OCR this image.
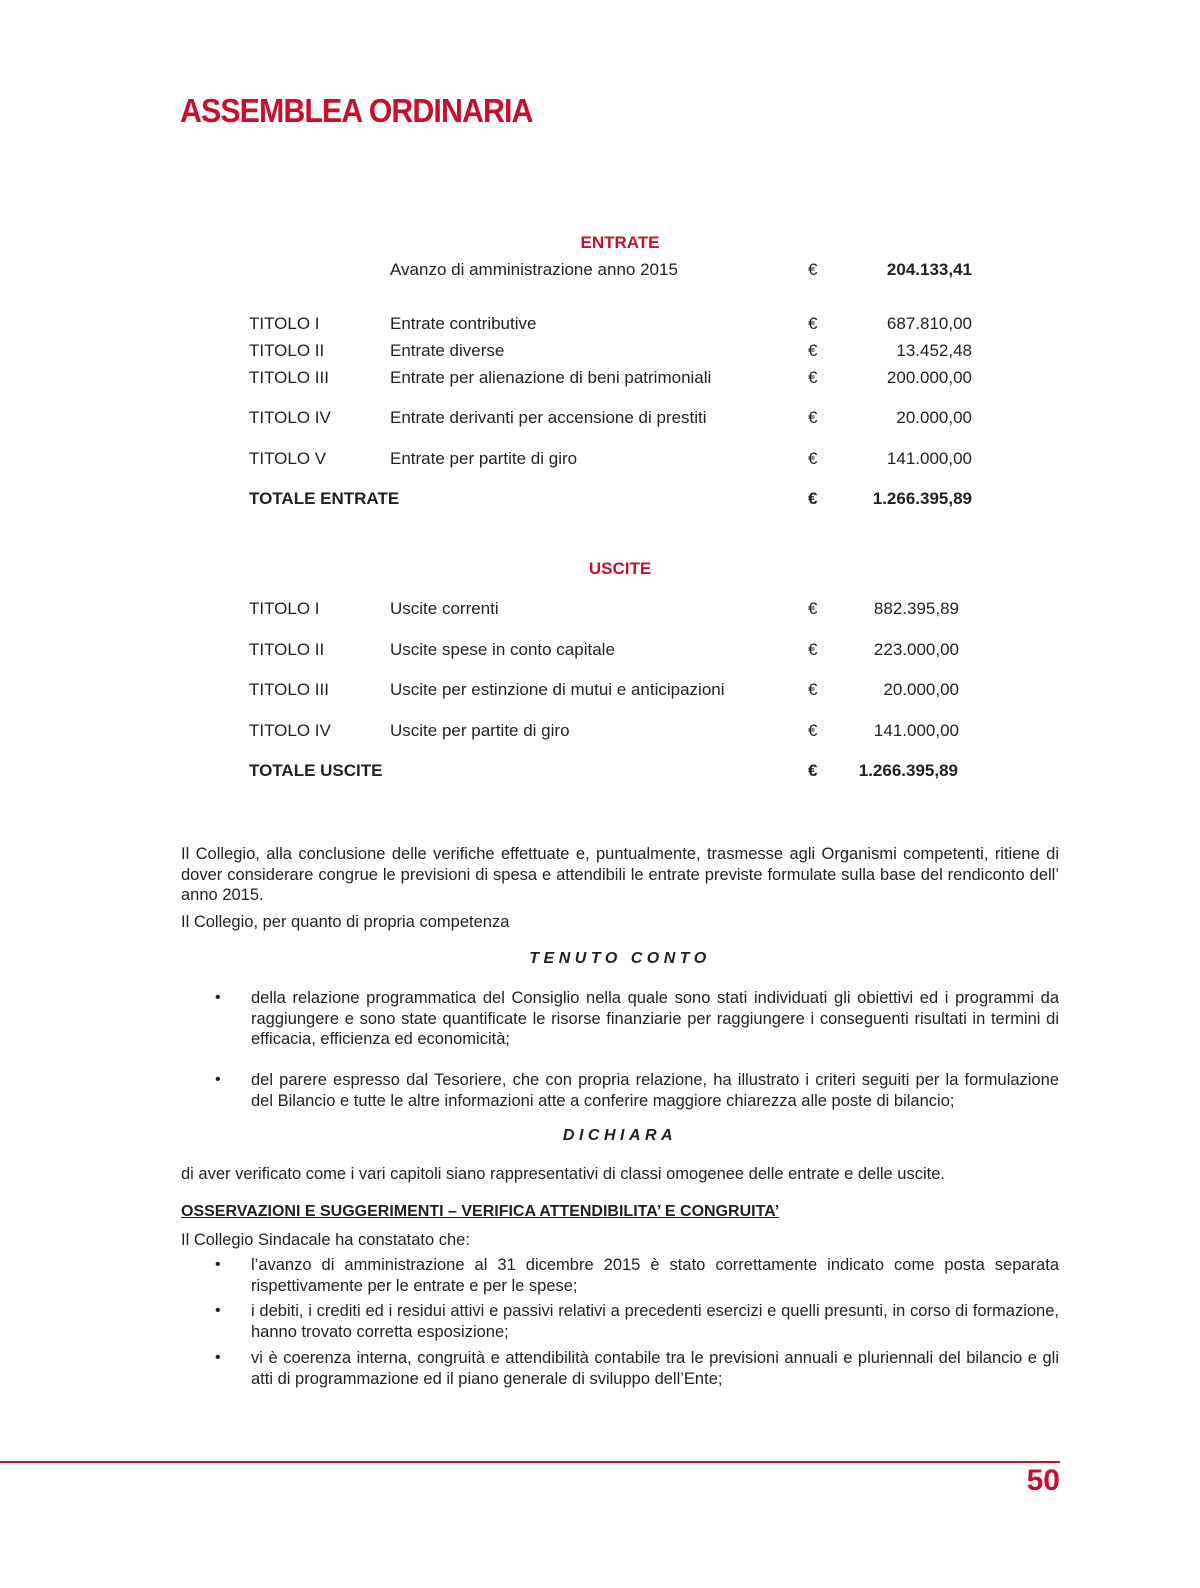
ASSEMBLEA ORDINARIA
ENTRATE
Avanzo di amministrazione anno 2015	€	204.133,41
TITOLO I	Entrate contributive	€	687.810,00
TITOLO II	Entrate diverse	€	13.452,48
TITOLO III	Entrate per alienazione di beni patrimoniali	€	200.000,00
TITOLO IV	Entrate derivanti per accensione di prestiti	€	20.000,00
TITOLO V	Entrate per partite di giro	€	141.000,00
TOTALE ENTRATE	€	1.266.395,89
USCITE
TITOLO I	Uscite correnti	€	882.395,89
TITOLO II	Uscite spese in conto capitale	€	223.000,00
TITOLO III	Uscite per estinzione di mutui e anticipazioni	€	20.000,00
TITOLO IV	Uscite per partite di giro	€	141.000,00
TOTALE USCITE	€	1.266.395,89

Il Collegio, alla conclusione delle verifiche effettuate e, puntualmente, trasmesse agli Organismi competenti, ritiene di dover considerare congrue le previsioni di spesa e attendibili le entrate previste formulate sulla base del rendiconto dell’ anno 2015.

Il Collegio, per quanto di propria competenza

TENUTO CONTO
• della relazione programmatica del Consiglio nella quale sono stati individuati gli obiettivi ed i programmi da raggiungere e sono state quantificate le risorse finanziarie per raggiungere i conseguenti risultati in termini di efficacia, efficienza ed economicità;
• del parere espresso dal Tesoriere, che con propria relazione, ha illustrato i criteri seguiti per la formulazione del Bilancio e tutte le altre informazioni atte a conferire maggiore chiarezza alle poste di bilancio;
DICHIARA

di aver verificato come i vari capitoli siano rappresentativi di classi omogenee delle entrate e delle uscite.

OSSERVAZIONI E SUGGERIMENTI – VERIFICA ATTENDIBILITA’ E CONGRUITA’

Il Collegio Sindacale ha constatato che:

• l’avanzo di amministrazione al 31 dicembre 2015 è stato correttamente indicato come posta separata rispettivamente per le entrate e per le spese;
• i debiti, i crediti ed i residui attivi e passivi relativi a precedenti esercizi e quelli presunti, in corso di formazione, hanno trovato corretta esposizione;
• vi è coerenza interna, congruità e attendibilità contabile tra le previsioni annuali e pluriennali del bilancio e gli atti di programmazione ed il piano generale di sviluppo dell’Ente;
50
